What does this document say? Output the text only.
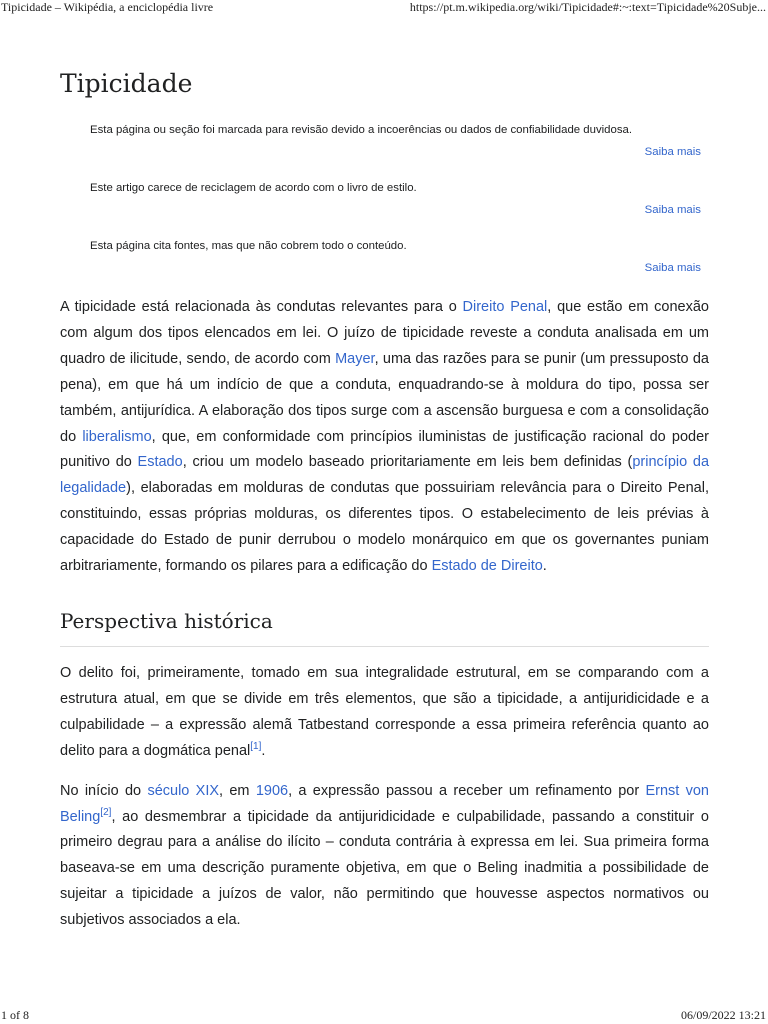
Tipicidade – Wikipédia, a enciclopédia livre	https://pt.m.wikipedia.org/wiki/Tipicidade#:~:text=Tipicidade%20Subje...
Tipicidade
Esta página ou seção foi marcada para revisão devido a incoerências ou dados de confiabilidade duvidosa.
Saiba mais
Este artigo carece de reciclagem de acordo com o livro de estilo.
Saiba mais
Esta página cita fontes, mas que não cobrem todo o conteúdo.
Saiba mais

A tipicidade está relacionada às condutas relevantes para o Direito Penal, que estão em conexão com algum dos tipos elencados em lei. O juízo de tipicidade reveste a conduta analisada em um quadro de ilicitude, sendo, de acordo com Mayer, uma das razões para se punir (um pressuposto da pena), em que há um indício de que a conduta, enquadrando-se à moldura do tipo, possa ser também, antijurídica. A elaboração dos tipos surge com a ascensão burguesa e com a consolidação do liberalismo, que, em conformidade com princípios iluministas de justificação racional do poder punitivo do Estado, criou um modelo baseado prioritariamente em leis bem definidas (princípio da legalidade), elaboradas em molduras de condutas que possuiriam relevância para o Direito Penal, constituindo, essas próprias molduras, os diferentes tipos. O estabelecimento de leis prévias à capacidade do Estado de punir derrubou o modelo monárquico em que os governantes puniam arbitrariamente, formando os pilares para a edificação do Estado de Direito.

Perspectiva histórica

O delito foi, primeiramente, tomado em sua integralidade estrutural, em se comparando com a estrutura atual, em que se divide em três elementos, que são a tipicidade, a antijuridicidade e a culpabilidade – a expressão alemã Tatbestand corresponde a essa primeira referência quanto ao delito para a dogmática penal[1].

No início do século XIX, em 1906, a expressão passou a receber um refinamento por Ernst von Beling[2], ao desmembrar a tipicidade da antijuridicidade e culpabilidade, passando a constituir o primeiro degrau para a análise do ilícito – conduta contrária à expressa em lei. Sua primeira forma baseava-se em uma descrição puramente objetiva, em que o Beling inadmitia a possibilidade de sujeitar a tipicidade a juízos de valor, não permitindo que houvesse aspectos normativos ou subjetivos associados a ela.

1 of 8	06/09/2022 13:21
